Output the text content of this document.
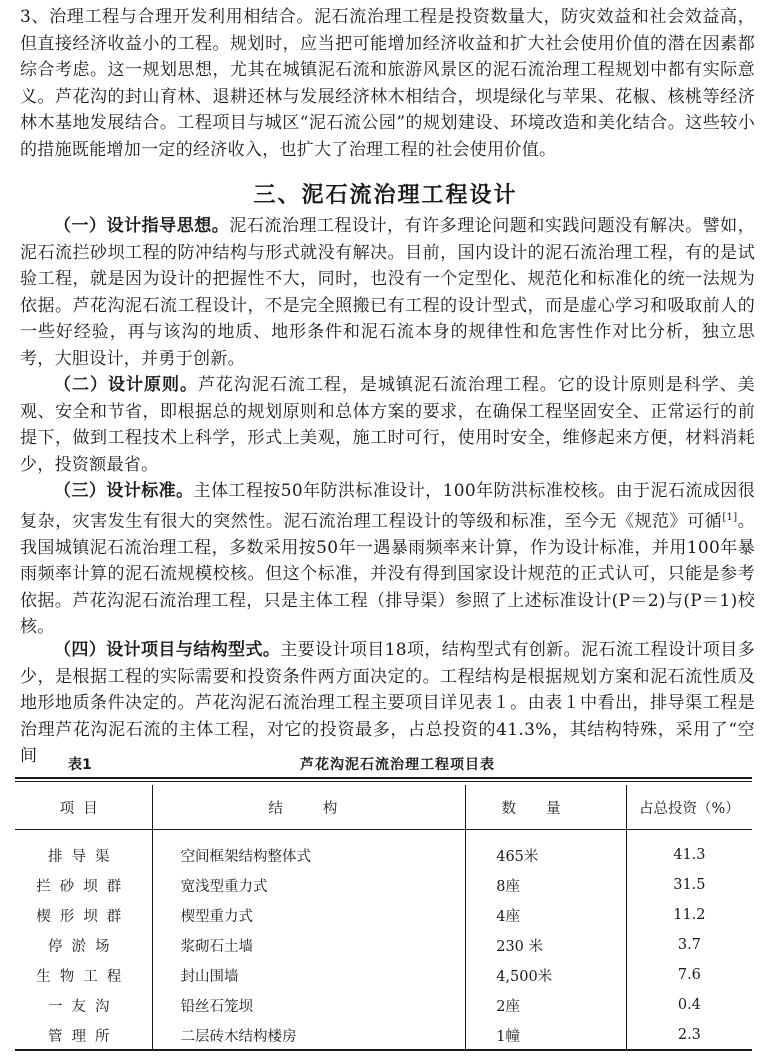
3、治理工程与合理开发利用相结合。泥石流治理工程是投资数量大，防灾效益和社会效益高，但直接经济收益小的工程。规划时，应当把可能增加经济收益和扩大社会使用价值的潜在因素都综合考虑。这一规划思想，尤其在城镇泥石流和旅游风景区的泥石流治理工程规划中都有实际意义。芦花沟的封山育林、退耕还林与发展经济林木相结合，坝堤绿化与苹果、花椒、核桃等经济林木基地发展结合。工程项目与城区“泥石流公园”的规划建设、环境改造和美化结合。这些较小的措施既能增加一定的经济收入，也扩大了治理工程的社会使用价值。
三、泥石流治理工程设计
（一）设计指导思想。泥石流治理工程设计，有许多理论问题和实践问题没有解决。譬如，泥石流拦砂坝工程的防冲结构与形式就没有解决。目前，国内设计的泥石流治理工程，有的是试验工程，就是因为设计的把握性不大，同时，也没有一个定型化、规范化和标准化的统一法规为依据。芦花沟泥石流工程设计，不是完全照搬已有工程的设计型式，而是虚心学习和吸取前人的一些好经验，再与该沟的地质、地形条件和泥石流本身的规律性和危害性作对比分析，独立思考，大胆设计，并勇于创新。
（二）设计原则。芦花沟泥石流工程，是城镇泥石流治理工程。它的设计原则是科学、美观、安全和节省，即根据总的规划原则和总体方案的要求，在确保工程坚固安全、正常运行的前提下，做到工程技术上科学，形式上美观，施工时可行，使用时安全，维修起来方便，材料消耗少，投资额最省。
（三）设计标准。主体工程按50年防洪标准设计，100年防洪标准校核。由于泥石流成因很复杂，灾害发生有很大的突然性。泥石流治理工程设计的等级和标准，至今无《规范》可循[1]。我国城镇泥石流治理工程，多数采用按50年一遇暴雨频率来计算，作为设计标准，并用100年暴雨频率计算的泥石流规模校核。但这个标准，并没有得到国家设计规范的正式认可，只能是参考依据。芦花沟泥石流治理工程，只是主体工程（排导渠）参照了上述标准设计(P＝2)与(P＝1)校核。
（四）设计项目与结构型式。主要设计项目18项，结构型式有创新。泥石流工程设计项目多少，是根据工程的实际需要和投资条件两方面决定的。工程结构是根据规划方案和泥石流性质及地形地质条件决定的。芦花沟泥石流治理工程主要项目详见表１。由表１中看出，排导渠工程是治理芦花沟泥石流的主体工程，对它的投资最多，占总投资的41.3%，其结构特殊，采用了“空间	表1	芦花沟泥石流治理工程项目表
项目	结构	数量	占总投资（%）
排导渠	空间框架结构整体式	465米	41.3
拦砂坝群	宽浅型重力式	8座	31.5
楔形坝群	楔型重力式	4座	11.2
停淤场	浆砌石土墙	230 米	3.7
生物工程	封山围墙	4,500米	7.6
一友沟	铅丝石笼坝	2座	0.4
管理所	二层砖木结构楼房	1幢	2.3
